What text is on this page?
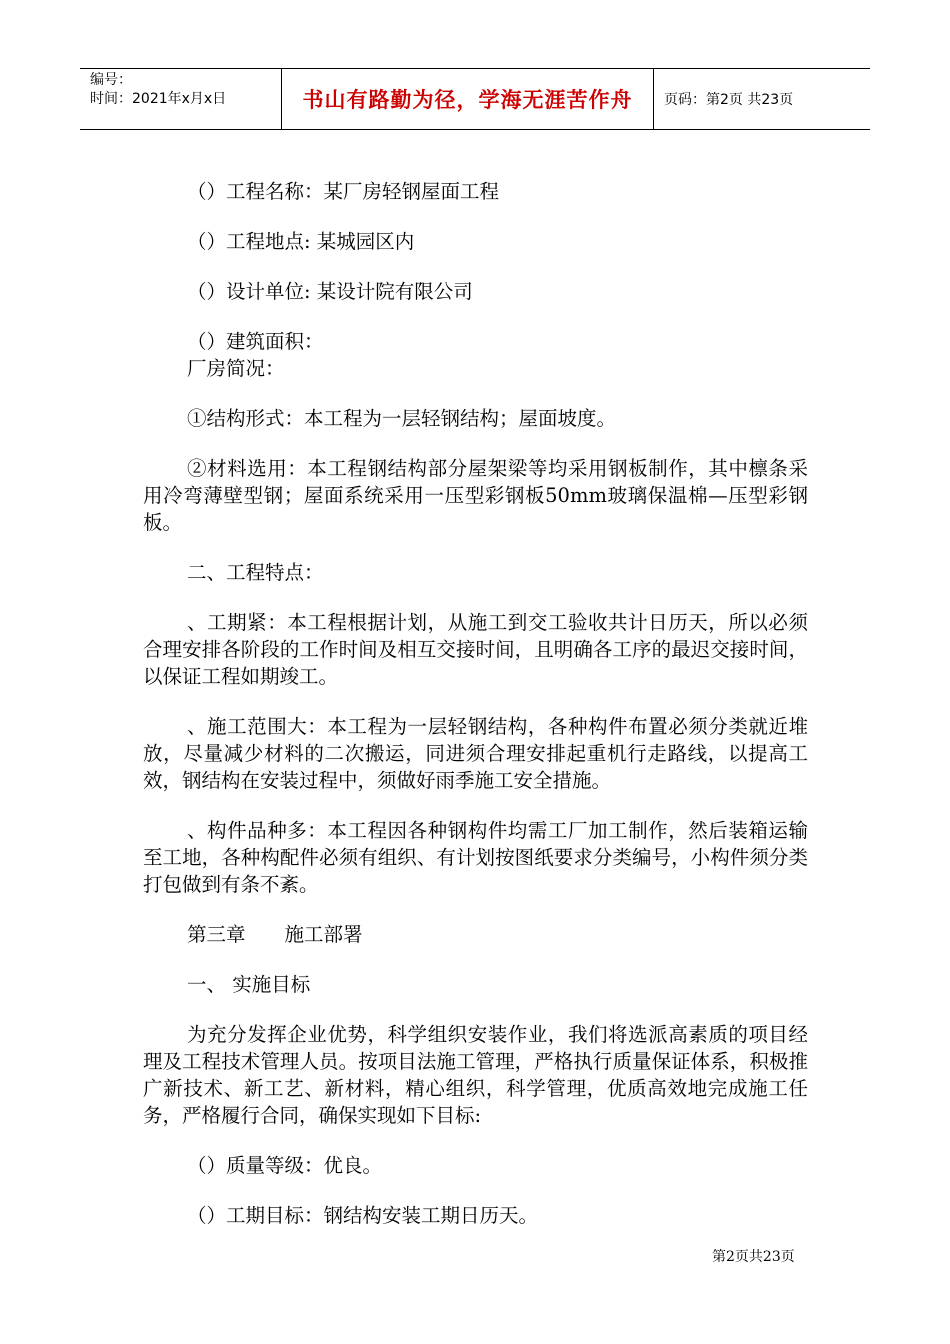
编号：
时间：2021年x月x日	书山有路勤为径，学海无涯苦作舟	页码：第2页 共23页

（）工程名称：某厂房轻钢屋面工程

（）工程地点: 某城园区内

（）设计单位: 某设计院有限公司

（）建筑面积：

厂房简况：

①结构形式：本工程为一层轻钢结构；屋面坡度。

②材料选用：本工程钢结构部分屋架梁等均采用钢板制作，其中檩条采用冷弯薄壁型钢；屋面系统采用一压型彩钢板50mm玻璃保温棉—压型彩钢板。

二、工程特点：

、工期紧：本工程根据计划，从施工到交工验收共计日历天，所以必须合理安排各阶段的工作时间及相互交接时间，且明确各工序的最迟交接时间，以保证工程如期竣工。

、施工范围大：本工程为一层轻钢结构，各种构件布置必须分类就近堆放，尽量减少材料的二次搬运，同进须合理安排起重机行走路线，以提高工效，钢结构在安装过程中，须做好雨季施工安全措施。

、构件品种多：本工程因各种钢构件均需工厂加工制作，然后装箱运输至工地，各种构配件必须有组织、有计划按图纸要求分类编号，小构件须分类打包做到有条不紊。

第三章　　施工部署

一、 实施目标

为充分发挥企业优势，科学组织安装作业，我们将选派高素质的项目经理及工程技术管理人员。按项目法施工管理，严格执行质量保证体系，积极推广新技术、新工艺、新材料，精心组织，科学管理，优质高效地完成施工任务，严格履行合同，确保实现如下目标:

（）质量等级：优良。

（）工期目标：钢结构安装工期日历天。

第2页共23页
